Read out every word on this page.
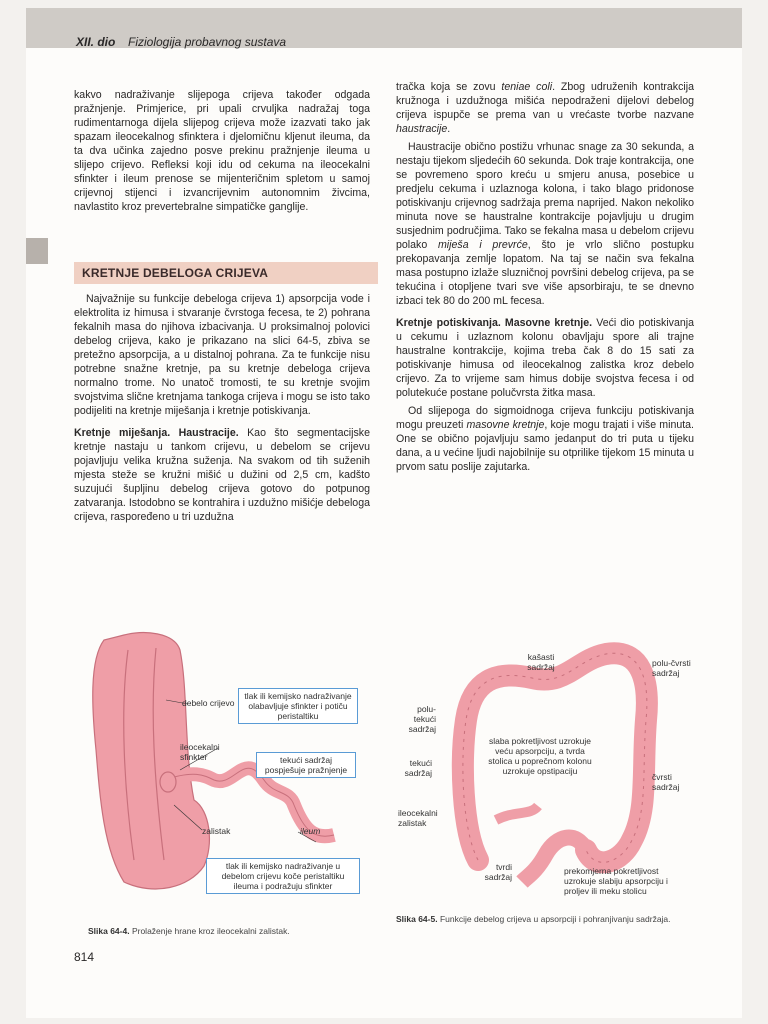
XII. dio Fiziologija probavnog sustava

kakvo nadraživanje slijepoga crijeva također odgada pražnjenje. Primjerice, pri upali crvuljka nadražaj toga rudimentarnoga dijela slijepog crijeva može izazvati tako jak spazam ileocekalnog sfinktera i djelomičnu kljenut ileuma, da ta dva učinka zajedno posve prekinu pražnjenje ileuma u slijepo crijevo. Refleksi koji idu od cekuma na ileocekalni sfinkter i ileum prenose se mijenteričnim spletom u samoj crijevnoj stijenci i izvancrijevnim autonomnim živcima, navlastito kroz prevertebralne simpatičke ganglije.

KRETNJE DEBELOGA CRIJEVA

Najvažnije su funkcije debeloga crijeva 1) apsorpcija vode i elektrolita iz himusa i stvaranje čvrstoga fecesa, te 2) pohrana fekalnih masa do njihova izbacivanja. U proksimalnoj polovici debelog crijeva, kako je prikazano na slici 64-5, zbiva se pretežno apsorpcija, a u distalnoj pohrana. Za te funkcije nisu potrebne snažne kretnje, pa su kretnje debeloga crijeva normalno trome. No unatoč tromosti, te su kretnje svojim svojstvima slične kretnjama tankoga crijeva i mogu se isto tako podijeliti na kretnje miješanja i kretnje potiskivanja.

Kretnje miješanja. Haustracije. Kao što segmentacijske kretnje nastaju u tankom crijevu, u debelom se crijevu pojavljuju velika kružna suženja. Na svakom od tih suženih mjesta steže se kružni mišić u dužini od 2,5 cm, kadšto suzujući šupljinu debelog crijeva gotovo do potpunog zatvaranja. Istodobno se kontrahira i uzdužno mišićje debeloga crijeva, raspoređeno u tri uzdužna

tračka koja se zovu teniae coli. Zbog udruženih kontrakcija kružnoga i uzdužnoga mišića nepodraženi dijelovi debelog crijeva ispupče se prema van u vrećaste tvorbe nazvane haustracije.

Haustracije obično postižu vrhunac snage za 30 sekunda, a nestaju tijekom sljedećih 60 sekunda. Dok traje kontrakcija, one se povremeno sporo kreću u smjeru anusa, posebice u predjelu cekuma i uzlaznoga kolona, i tako blago pridonose potiskivanju crijevnog sadržaja prema naprijed. Nakon nekoliko minuta nove se haustralne kontrakcije pojavljuju u drugim susjednim područjima. Tako se fekalna masa u debelom crijevu polako miješa i prevrće, što je vrlo slično postupku prekopavanja zemlje lopatom. Na taj se način sva fekalna masa postupno izlaže sluzničnoj površini debelog crijeva, pa se tekućina i otopljene tvari sve više apsorbiraju, te se dnevno izbaci tek 80 do 200 mL fecesa.

Kretnje potiskivanja. Masovne kretnje. Veći dio potiskivanja u cekumu i uzlaznom kolonu obavljaju spore ali trajne haustralne kontrakcije, kojima treba čak 8 do 15 sati za potiskivanje himusa od ileocekalnog zalistka kroz debelo crijevo. Za to vrijeme sam himus dobije svojstva fecesa i od polutekuće postane polučvrsta žitka masa.

Od slijepoga do sigmoidnoga crijeva funkciju potiskivanja mogu preuzeti masovne kretnje, koje mogu trajati i više minuta. One se obično pojavljuju samo jedanput do tri puta u tijeku dana, a u većine ljudi najobilnije su otprilike tijekom 15 minuta u prvom satu poslije zajutarka.

debelo crijevo
ileocekalni sfinkter
zalistak	ileum
tlak ili kemijsko nadraživanje olabavljuje sfinkter i potiču peristaltiku
tekući sadržaj pospješuje pražnjenje
tlak ili kemijsko nadraživanje u debelom crijevu koče peristaltiku ileuma i podražuju sfinkter
Slika 64-4. Prolaženje hrane kroz ileocekalni zalistak.
kašasti sadržaj	polu-čvrsti sadržaj
polu-tekući sadržaj
slaba pokretljivost uzrokuje veću apsorpciju, a tvrda stolica u poprečnom kolonu uzrokuje opstipaciju
tekući sadržaj	čvrsti sadržaj
ileocekalni zalistak
tvrdi sadržaj
prekomjerna pokretljivost uzrokuje slabiju apsorpciju i proljev ili meku stolicu
Slika 64-5. Funkcije debelog crijeva u apsorpciji i pohranjivanju sadržaja.
814
